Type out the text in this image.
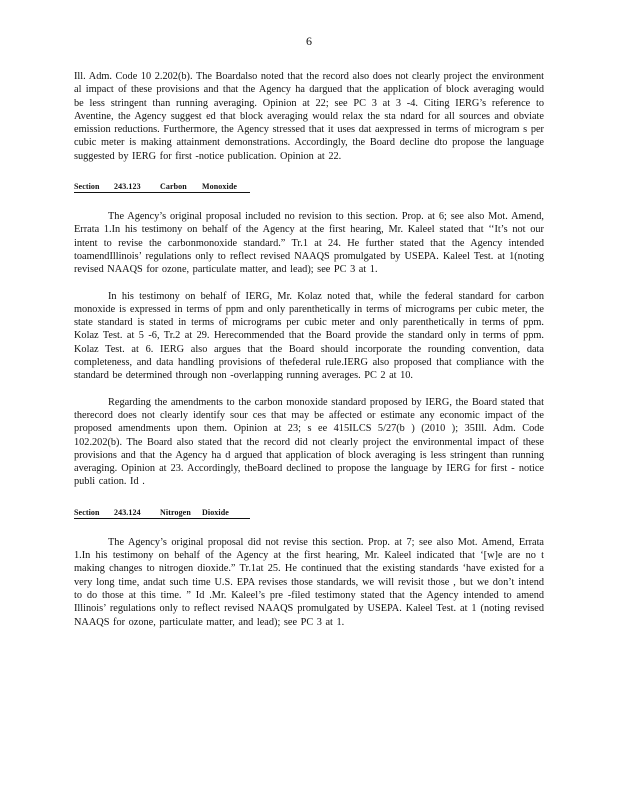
6

Ill. Adm. Code 10 2.202(b). The Boardalso noted that the record also does not clearly project the environment al impact of these provisions and that the Agency ha dargued that the application of block averaging would be less stringent than running averaging. Opinion at 22; see PC 3 at 3 -4. Citing IERG’s reference to Aventine, the Agency suggest ed that block averaging would relax the sta ndard for all sources and obviate emission reductions. Furthermore, the Agency stressed that it uses dat aexpressed in terms of microgram s per cubic meter is making attainment demonstrations. Accordingly, the Board decline dto propose the language suggested by IERG for first -notice publication. Opinion at 22.

Section 243.123 Carbon Monoxide

The Agency’s original proposal included no revision to this section. Prop. at 6; see also Mot. Amend, Errata 1.In his testimony on behalf of the Agency at the first hearing, Mr. Kaleel stated that ‘‘It’s not our intent to revise the carbonmonoxide standard.” Tr.1 at 24. He further stated that the Agency intended toamendIllinois’ regulations only to reflect revised NAAQS promulgated by USEPA. Kaleel Test. at 1(noting revised NAAQS for ozone, particulate matter, and lead); see PC 3 at 1.

In his testimony on behalf of IERG, Mr. Kolaz noted that, while the federal standard for carbon monoxide is expressed in terms of ppm and only parenthetically in terms of micrograms per cubic meter, the state standard is stated in terms of micrograms per cubic meter and only parenthetically in terms of ppm. Kolaz Test. at 5 -6, Tr.2 at 29. Herecommended that the Board provide the standard only in terms of ppm. Kolaz Test. at 6. IERG also argues that the Board should incorporate the rounding convention, data completeness, and data handling provisions of thefederal rule.IERG also proposed that compliance with the standard be determined through non -overlapping running averages. PC 2 at 10.

Regarding the amendments to the carbon monoxide standard proposed by IERG, the Board stated that therecord does not clearly identify sour ces that may be affected or estimate any economic impact of the proposed amendments upon them. Opinion at 23; s ee 415ILCS 5/27(b ) (2010 ); 35Ill. Adm. Code 102.202(b). The Board also stated that the record did not clearly project the environmental impact of these provisions and that the Agency ha d argued that application of block averaging is less stringent than running averaging. Opinion at 23. Accordingly, theBoard declined to propose the language by IERG for first - notice publi cation. Id .

Section 243.124 Nitrogen Dioxide

The Agency’s original proposal did not revise this section. Prop. at 7; see also Mot. Amend, Errata 1.In his testimony on behalf of the Agency at the first hearing, Mr. Kaleel indicated that ‘[w]e are no t making changes to nitrogen dioxide.” Tr.1at 25. He continued that the existing standards ‘have existed for a very long time, andat such time U.S. EPA revises those standards, we will revisit those , but we don’t intend to do those at this time. ” Id .Mr. Kaleel’s pre -filed testimony stated that the Agency intended to amend Illinois’ regulations only to reflect revised NAAQS promulgated by USEPA. Kaleel Test. at 1 (noting revised NAAQS for ozone, particulate matter, and lead); see PC 3 at 1.
